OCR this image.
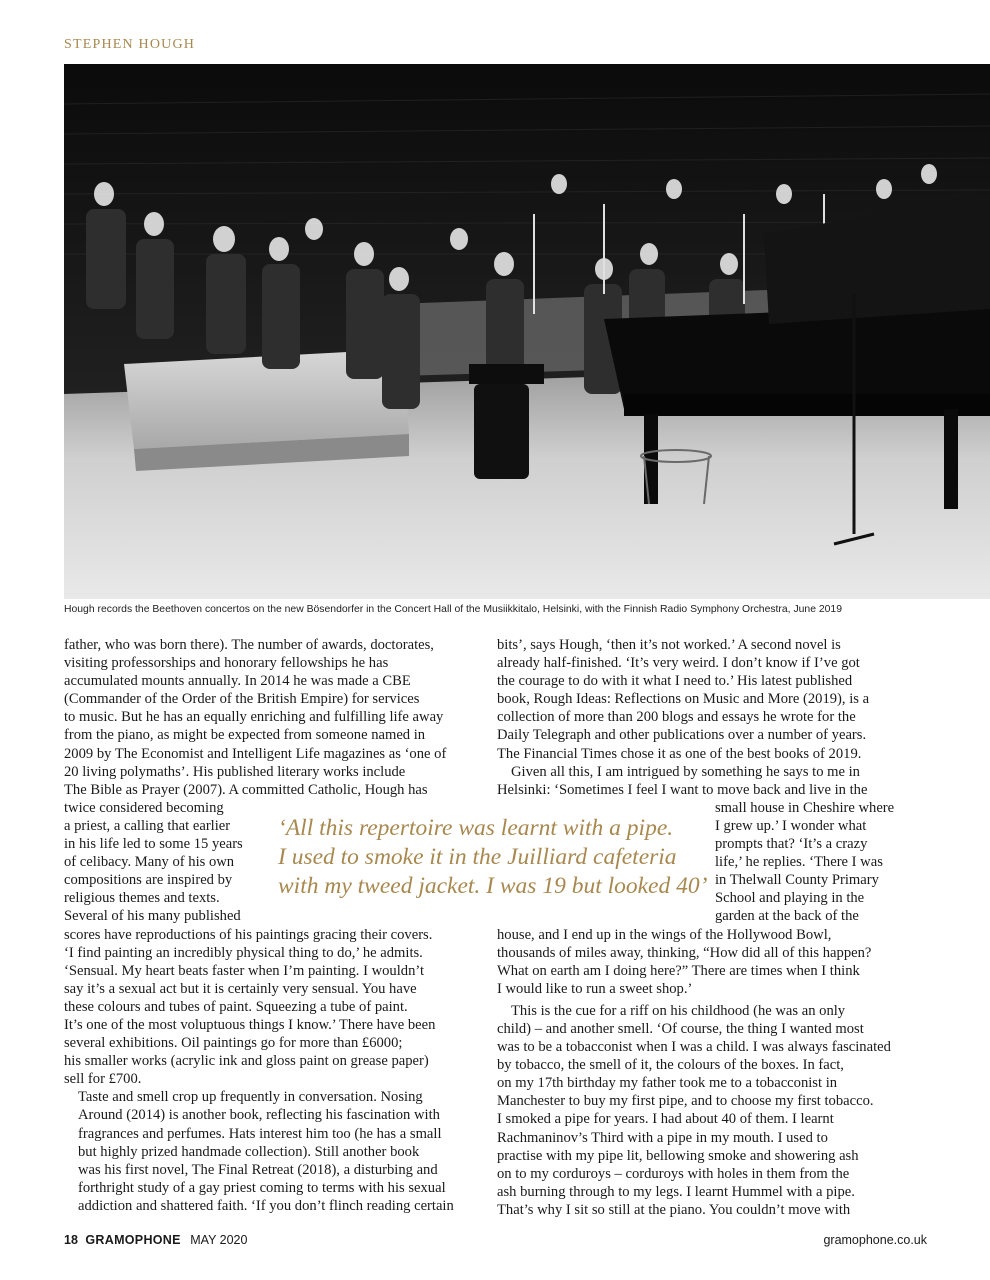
STEPHEN HOUGH
Hough records the Beethoven concertos on the new Bösendorfer in the Concert Hall of the Musiikkitalo, Helsinki, with the Finnish Radio Symphony Orchestra, June 2019

father, who was born there). The number of awards, doctorates,
visiting professorships and honorary fellowships he has
accumulated mounts annually. In 2014 he was made a CBE
(Commander of the Order of the British Empire) for services
to music. But he has an equally enriching and fulfilling life away
from the piano, as might be expected from someone named in
2009 by The Economist and Intelligent Life magazines as ‘one of
20 living polymaths’. His published literary works include
The Bible as Prayer (2007). A committed Catholic, Hough has
twice considered becoming
a priest, a calling that earlier
in his life led to some 15 years
of celibacy. Many of his own
compositions are inspired by
religious themes and texts.
Several of his many published
scores have reproductions of his paintings gracing their covers.
‘I find painting an incredibly physical thing to do,’ he admits.
‘Sensual. My heart beats faster when I’m painting. I wouldn’t
say it’s a sexual act but it is certainly very sensual. You have
these colours and tubes of paint. Squeezing a tube of paint.
It’s one of the most voluptuous things I know.’ There have been
several exhibitions. Oil paintings go for more than £6000;
his smaller works (acrylic ink and gloss paint on grease paper)
sell for £700.

Taste and smell crop up frequently in conversation. Nosing
Around (2014) is another book, reflecting his fascination with
fragrances and perfumes. Hats interest him too (he has a small
but highly prized handmade collection). Still another book
was his first novel, The Final Retreat (2018), a disturbing and
forthright study of a gay priest coming to terms with his sexual
addiction and shattered faith. ‘If you don’t flinch reading certain

‘All this repertoire was learnt with a pipe.
I used to smoke it in the Juilliard cafeteria
with my tweed jacket. I was 19 but looked 40’

bits’, says Hough, ‘then it’s not worked.’ A second novel is
already half-finished. ‘It’s very weird. I don’t know if I’ve got
the courage to do with it what I need to.’ His latest published
book, Rough Ideas: Reflections on Music and More (2019), is a
collection of more than 200 blogs and essays he wrote for the
Daily Telegraph and other publications over a number of years.
The Financial Times chose it as one of the best books of 2019.

Given all this, I am intrigued by something he says to me in
Helsinki: ‘Sometimes I feel I want to move back and live in the
small house in Cheshire where
I grew up.’ I wonder what
prompts that? ‘It’s a crazy
life,’ he replies. ‘There I was
in Thelwall County Primary
School and playing in the
garden at the back of the
house, and I end up in the wings of the Hollywood Bowl,
thousands of miles away, thinking, “How did all of this happen?
What on earth am I doing here?” There are times when I think
I would like to run a sweet shop.’

This is the cue for a riff on his childhood (he was an only
child) – and another smell. ‘Of course, the thing I wanted most
was to be a tobacconist when I was a child. I was always fascinated
by tobacco, the smell of it, the colours of the boxes. In fact,
on my 17th birthday my father took me to a tobacconist in
Manchester to buy my first pipe, and to choose my first tobacco.
I smoked a pipe for years. I had about 40 of them. I learnt
Rachmaninov’s Third with a pipe in my mouth. I used to
practise with my pipe lit, bellowing smoke and showering ash
on to my corduroys – corduroys with holes in them from the
ash burning through to my legs. I learnt Hummel with a pipe.
That’s why I sit so still at the piano. You couldn’t move with

18 GRAMOPHONE MAY 2020	gramophone.co.uk
